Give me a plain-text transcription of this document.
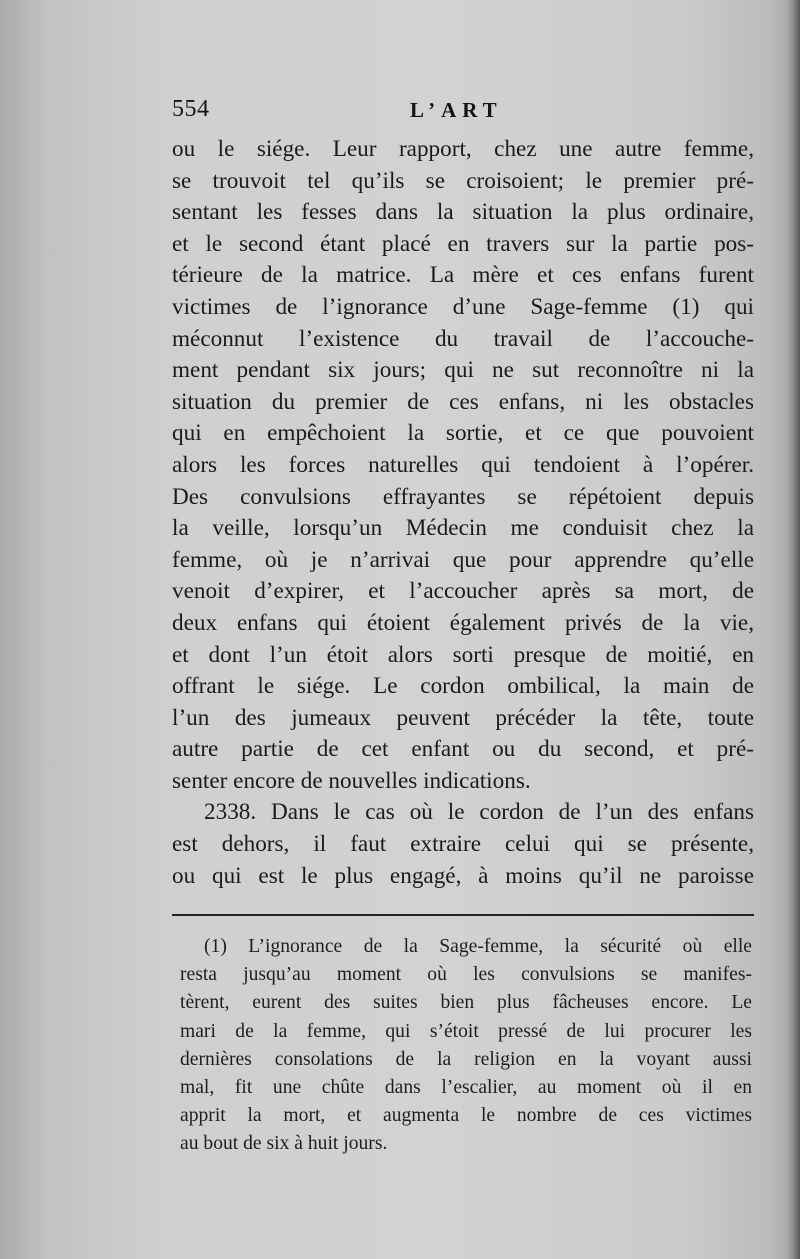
554	L’ART
ou le siége. Leur rapport, chez une autre femme,
se trouvoit tel qu’ils se croisoient; le premier pré-
sentant les fesses dans la situation la plus ordinaire,
et le second étant placé en travers sur la partie pos-
térieure de la matrice. La mère et ces enfans furent
victimes de l’ignorance d’une Sage-femme (1) qui
méconnut l’existence du travail de l’accouche-
ment pendant six jours; qui ne sut reconnoître ni la
situation du premier de ces enfans, ni les obstacles
qui en empêchoient la sortie, et ce que pouvoient
alors les forces naturelles qui tendoient à l’opérer.
Des convulsions effrayantes se répétoient depuis
la veille, lorsqu’un Médecin me conduisit chez la
femme, où je n’arrivai que pour apprendre qu’elle
venoit d’expirer, et l’accoucher après sa mort, de
deux enfans qui étoient également privés de la vie,
et dont l’un étoit alors sorti presque de moitié, en
offrant le siége. Le cordon ombilical, la main de
l’un des jumeaux peuvent précéder la tête, toute
autre partie de cet enfant ou du second, et pré-
senter encore de nouvelles indications.
2338. Dans le cas où le cordon de l’un des enfans
est dehors, il faut extraire celui qui se présente,
ou qui est le plus engagé, à moins qu’il ne paroisse
(1) L’ignorance de la Sage-femme, la sécurité où elle
resta jusqu’au moment où les convulsions se manifes-
tèrent, eurent des suites bien plus fâcheuses encore. Le
mari de la femme, qui s’étoit pressé de lui procurer les
dernières consolations de la religion en la voyant aussi
mal, fit une chûte dans l’escalier, au moment où il en
apprit la mort, et augmenta le nombre de ces victimes
au bout de six à huit jours.
